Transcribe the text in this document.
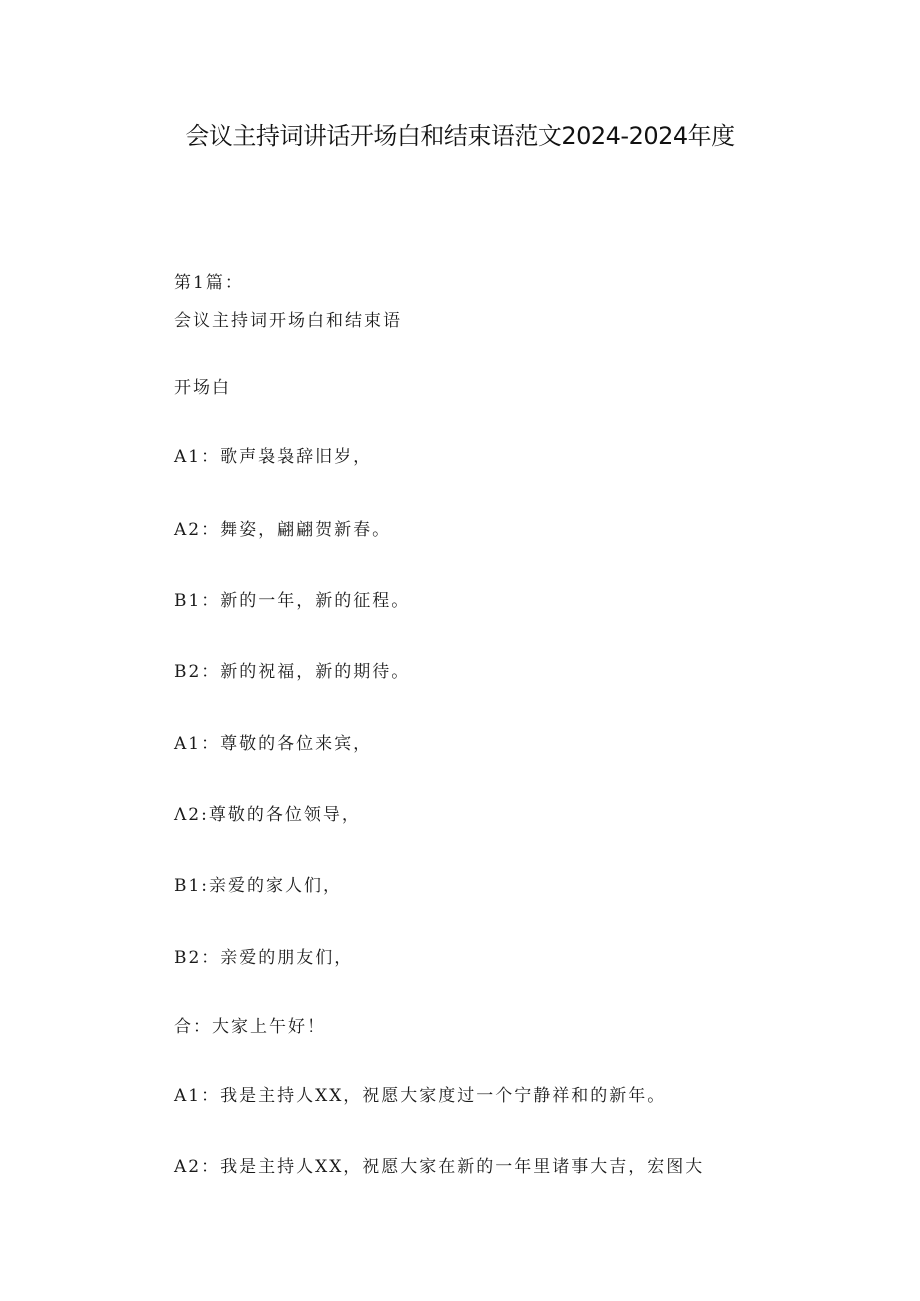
会议主持词讲话开场白和结束语范文2024-2024年度
第1篇：
会议主持词开场白和结束语
开场白
A1：歌声袅袅辞旧岁，
A2：舞姿，翩翩贺新春。
B1：新的一年，新的征程。
B2：新的祝福，新的期待。
A1：尊敬的各位来宾，
Λ2:尊敬的各位领导，
B1:亲爱的家人们，
B2：亲爱的朋友们，
合：大家上午好！
A1：我是主持人XX，祝愿大家度过一个宁静祥和的新年。
A2：我是主持人XX，祝愿大家在新的一年里诸事大吉，宏图大
